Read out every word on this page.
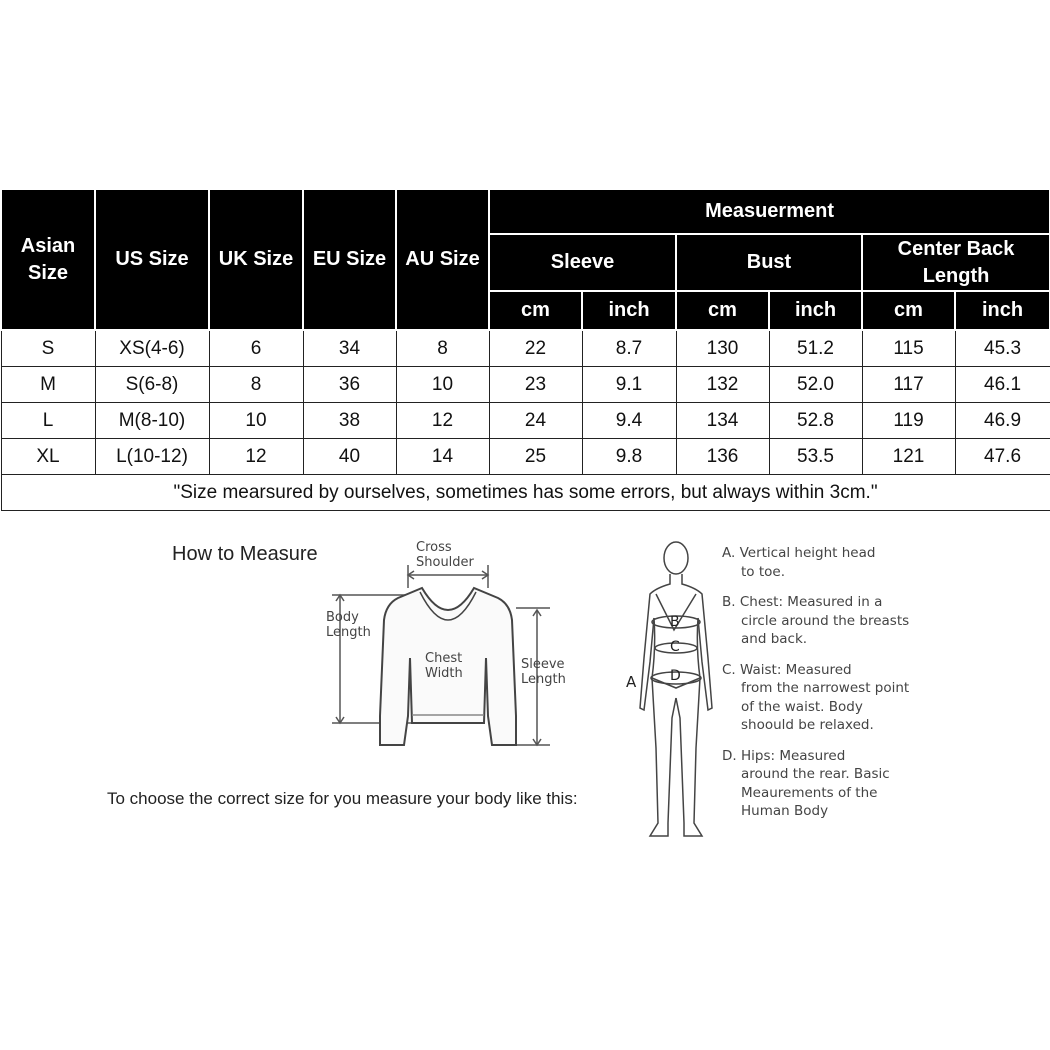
Asian Size	US Size	UK Size	EU Size	AU Size	Measuerment					
					Sleeve		Bust		Center Back Length	
					cm	inch	cm	inch	cm	inch
S	XS(4-6)	6	34	8	22	8.7	130	51.2	115	45.3
M	S(6-8)	8	36	10	23	9.1	132	52.0	117	46.1
L	M(8-10)	10	38	12	24	9.4	134	52.8	119	46.9
XL	L(10-12)	12	40	14	25	9.8	136	53.5	121	47.6
"Size mearsured by ourselves, sometimes has some errors, but always within 3cm."										
How to Measure	Cross
Shoulder
Body
Length
Chest
Width
Sleeve
Length
To choose the correct size for you measure your body like this:
A
B
C
D
A. Vertical height head
to toe.
B. Chest: Measured in a
circle around the breasts and back.
C. Waist: Measured
from the narrowest point of the waist. Body shoould be relaxed.
D. Hips: Measured
around the rear. Basic Meaurements of the Human Body
